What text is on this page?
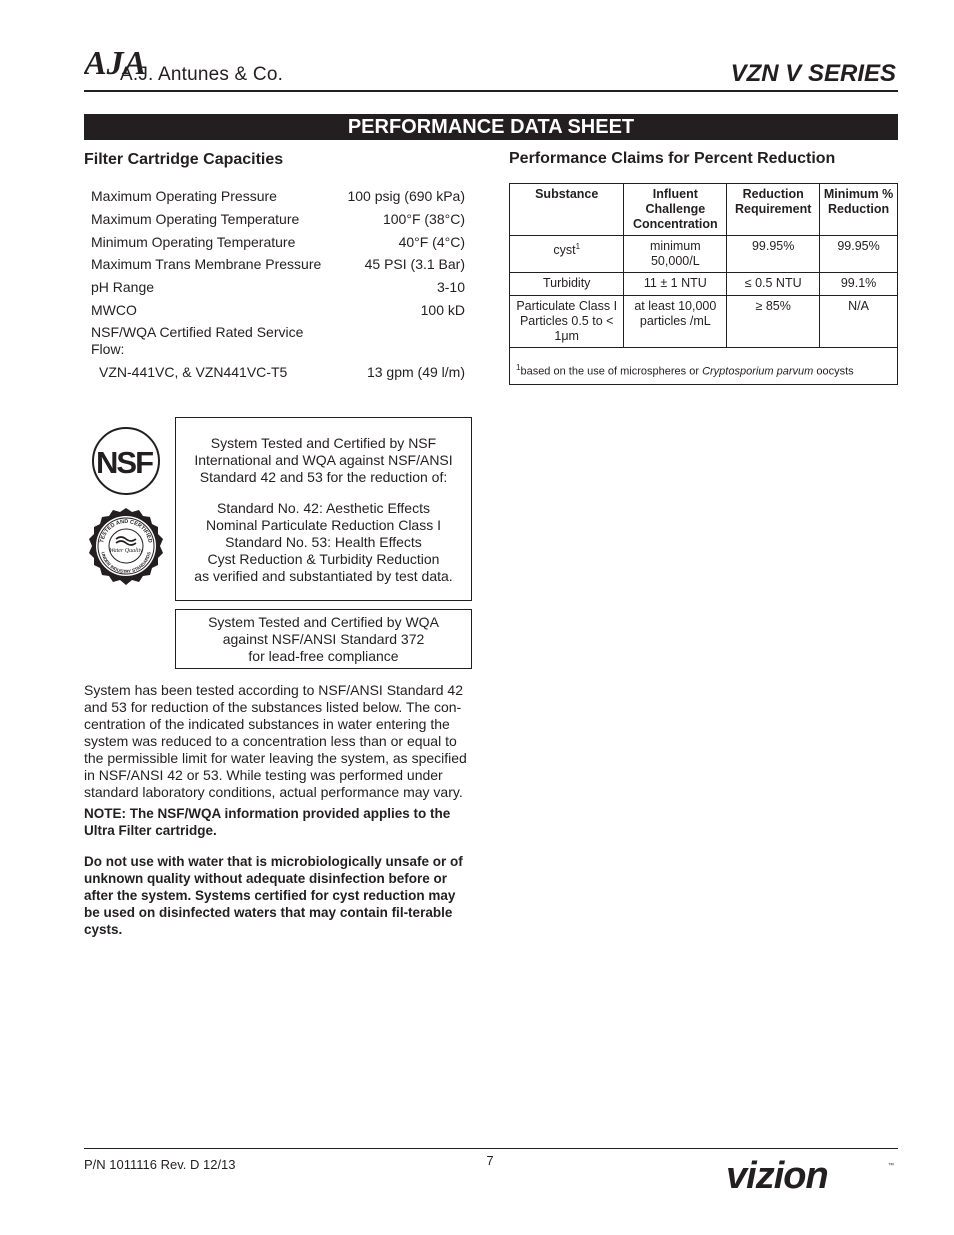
AJA
A.J. Antunes & Co.	VZN V SERIES
PERFORMANCE DATA SHEET
Filter Cartridge Capacities
Maximum Operating Pressure	100 psig (690 kPa)
Maximum Operating Temperature	100°F (38°C)
Minimum Operating Temperature	40°F (4°C)
Maximum Trans Membrane Pressure	45 PSI (3.1 Bar)
pH Range	3-10
MWCO	100 kD
NSF/WQA Certified Rated Service Flow:
VZN-441VC, & VZN441VC-T5	13 gpm (49 l/m)
NSF
TESTED AND CERTIFIED
UNDER INDUSTRY STANDARDS
Water Quality
System Tested and Certified by NSF
International and WQA against NSF/ANSI
Standard 42 and 53 for the reduction of:
Standard No. 42: Aesthetic Effects
Nominal Particulate Reduction Class I
Standard No. 53: Health Effects
Cyst Reduction & Turbidity Reduction
as verified and substantiated by test data.
System Tested and Certified by WQA
against NSF/ANSI Standard 372
for lead-free compliance
System has been tested according to NSF/ANSI Standard 42 and 53 for reduction of the substances listed below. The con-centration of the indicated substances in water entering the system was reduced to a concentration less than or equal to the permissible limit for water leaving the system, as specified in NSF/ANSI 42 or 53. While testing was performed under standard laboratory conditions, actual performance may vary.
NOTE: The NSF/WQA information provided applies to the Ultra Filter cartridge.
Do not use with water that is microbiologically unsafe or of unknown quality without adequate disinfection before or after the system. Systems certified for cyst reduction may be used on disinfected waters that may contain fil-terable cysts.
Performance Claims for Percent Reduction
Substance	Influent Challenge Concentration	Reduction Requirement	Minimum % Reduction
cyst$^1$	minimum 50,000/L	99.95%	99.95%
Turbidity	11 ± 1 NTU	≤ 0.5 NTU	99.1%
Particulate Class I Particles 0.5 to < 1μm	at least 10,000 particles /mL	≥ 85%	N/A
$^1$based on the use of microspheres or Cryptosporium parvum oocysts			
P/N 1011116 Rev. D 12/13	7	vizion	™
